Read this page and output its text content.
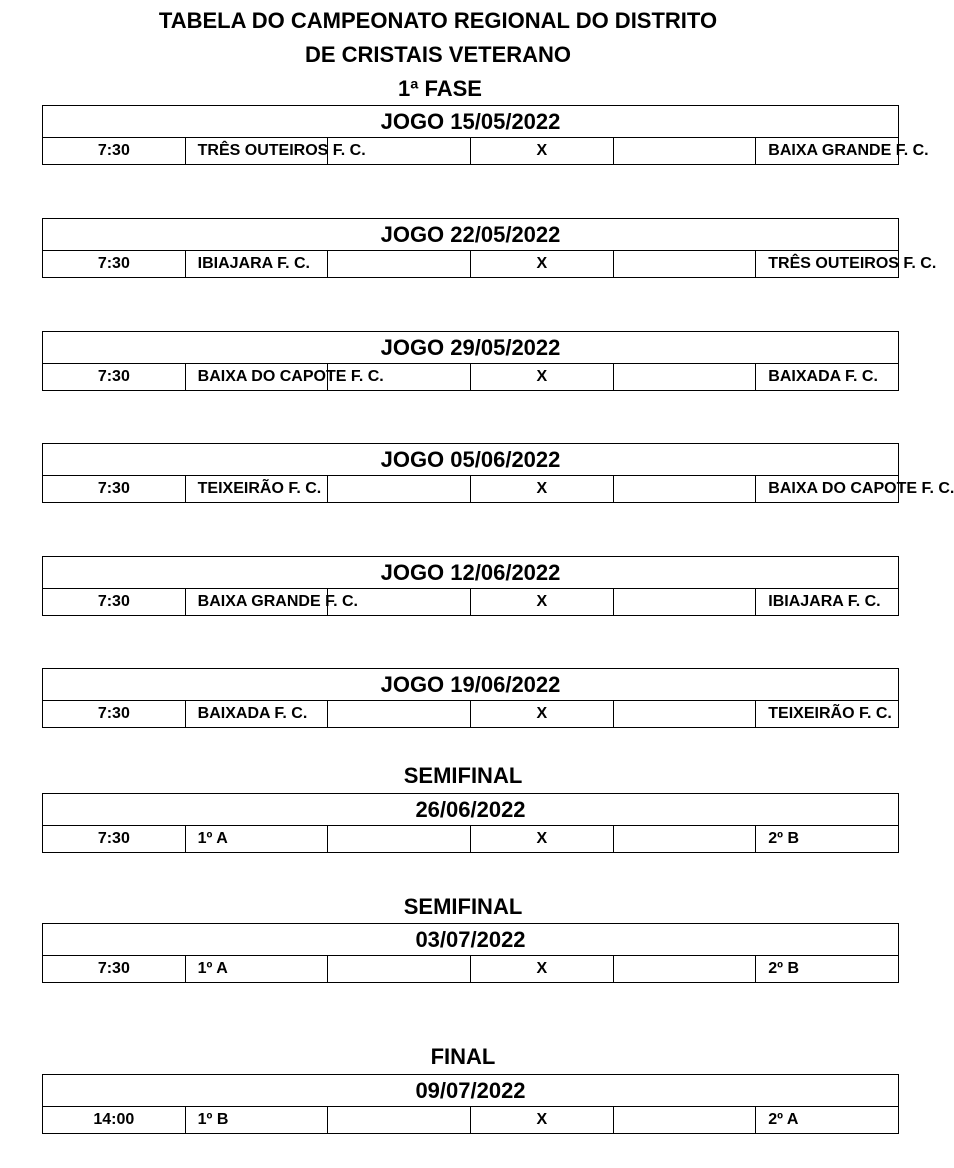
TABELA DO CAMPEONATO REGIONAL DO DISTRITO
DE CRISTAIS VETERANO
1ª FASE
JOGO 15/05/2022
7:30	TRÊS OUTEIROS F. C.		X		BAIXA GRANDE F. C.
JOGO 22/05/2022
7:30	IBIAJARA F. C.		X		TRÊS OUTEIROS F. C.
JOGO 29/05/2022
7:30	BAIXA DO CAPOTE F. C.		X		BAIXADA F. C.
JOGO 05/06/2022
7:30	TEIXEIRÃO F. C.		X		BAIXA DO CAPOTE F. C.
JOGO 12/06/2022
7:30	BAIXA GRANDE F. C.		X		IBIAJARA F. C.
JOGO 19/06/2022
7:30	BAIXADA F. C.		X		TEIXEIRÃO F. C.
SEMIFINAL
26/06/2022
7:30	1º A		X		2º B
SEMIFINAL
03/07/2022
7:30	1º A		X		2º B
FINAL
09/07/2022
14:00	1º B		X		2º A
